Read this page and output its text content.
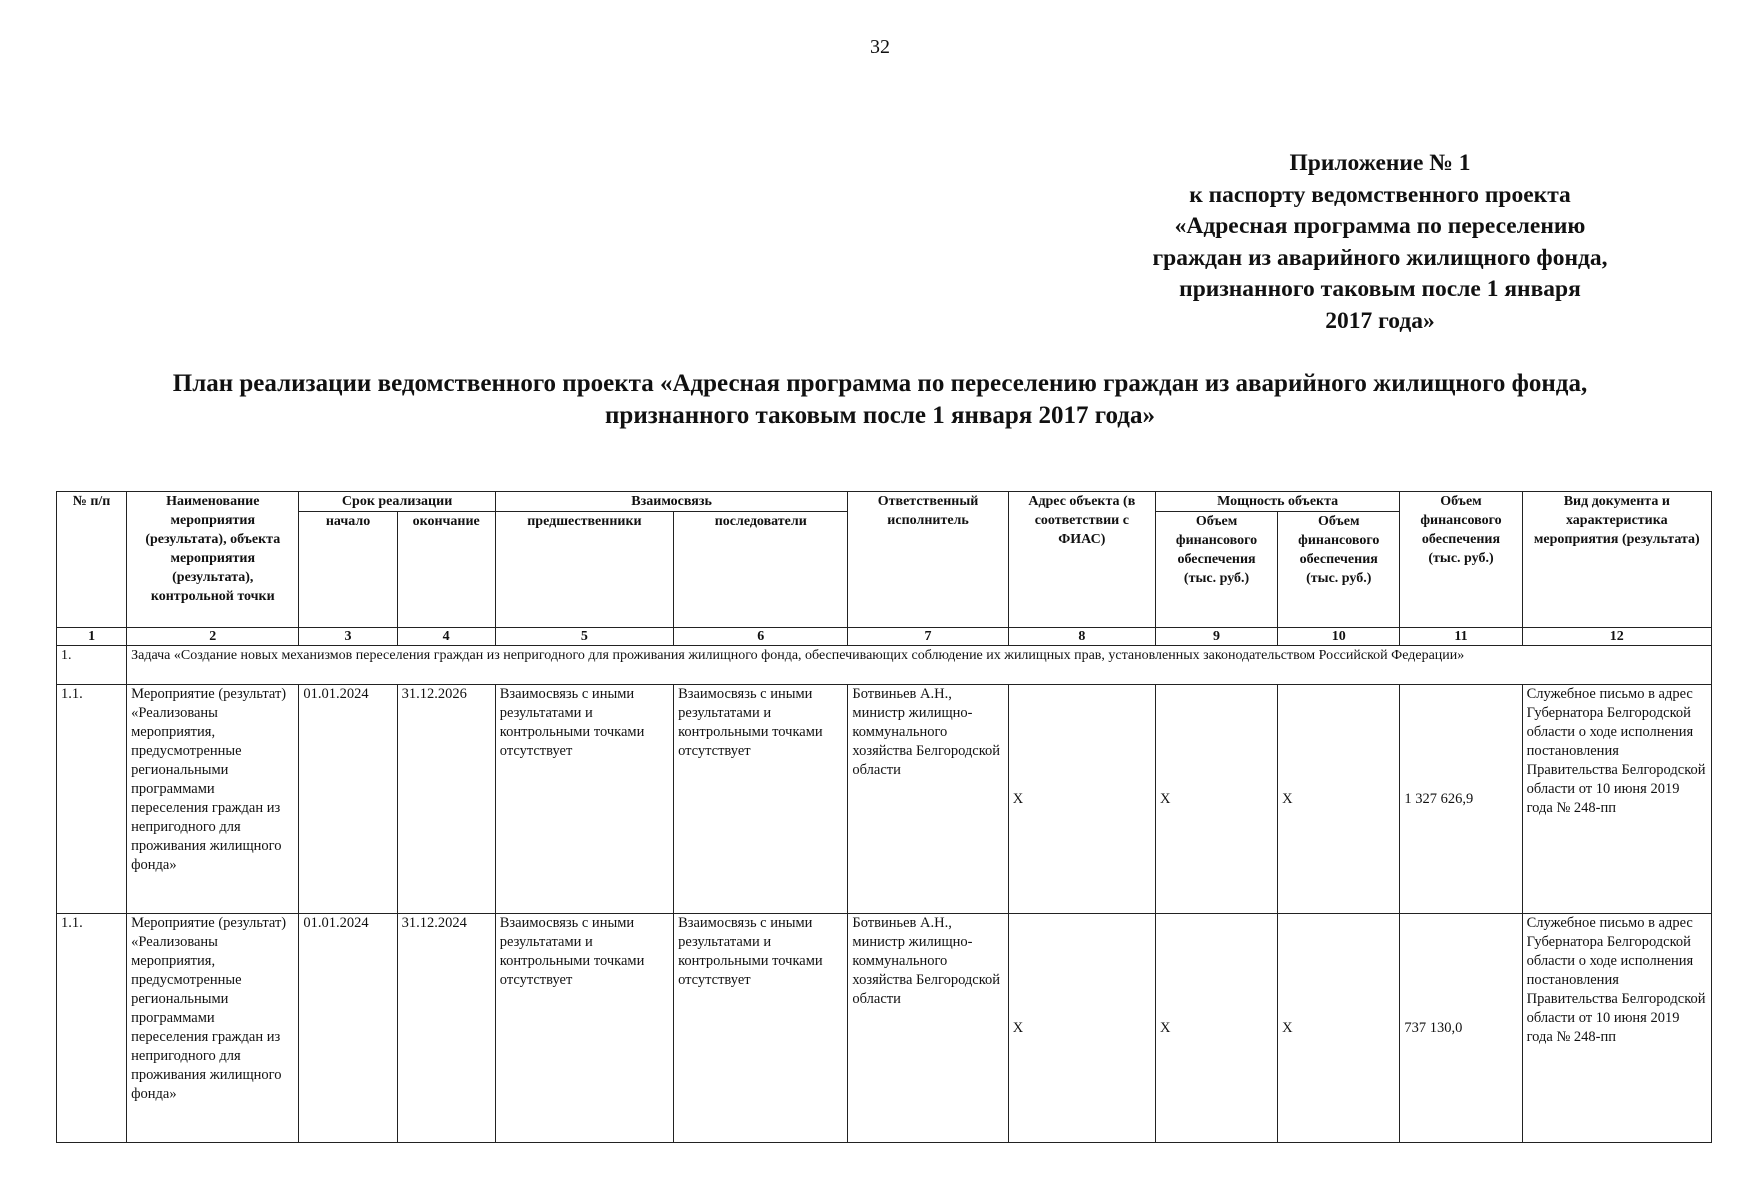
32
Приложение № 1
к паспорту ведомственного проекта
«Адресная программа по переселению
граждан из аварийного жилищного фонда,
признанного таковым после 1 января
2017 года»
План реализации ведомственного проекта «Адресная программа по переселению граждан из аварийного жилищного фонда,
признанного таковым после 1 января 2017 года»
№ п/п	Наименование мероприятия (результата), объекта мероприятия (результата), контрольной точки	Срок реализации		Взаимосвязь		Ответственный исполнитель	Адрес объекта (в соответствии с ФИАС)	Мощность объекта		Объем финансового обеспечения (тыс. руб.)	Вид документа и характеристика мероприятия (результата)
		начало	окончание	предшественники	последователи			Объем финансового обеспечения (тыс. руб.)	Объем финансового обеспечения (тыс. руб.)		
1	2	3	4	5	6	7	8	9	10	11	12
1.	Задача «Создание новых механизмов переселения граждан из непригодного для проживания жилищного фонда, обеспечивающих соблюдение их жилищных прав, установленных законодательством Российской Федерации»										
1.1.	Мероприятие (результат) «Реализованы мероприятия, предусмотренные региональными программами переселения граждан из непригодного для проживания жилищного фонда»	01.01.2024	31.12.2026	Взаимосвязь с иными результатами и контрольными точками отсутствует	Взаимосвязь с иными результатами и контрольными точками отсутствует	Ботвиньев А.Н., министр жилищно-коммунального хозяйства Белгородской области	X	X	X	1 327 626,9	Служебное письмо в адрес Губернатора Белгородской области о ходе исполнения постановления Правительства Белгородской области от 10 июня 2019 года № 248-пп
1.1.	Мероприятие (результат) «Реализованы мероприятия, предусмотренные региональными программами переселения граждан из непригодного для проживания жилищного фонда»	01.01.2024	31.12.2024	Взаимосвязь с иными результатами и контрольными точками отсутствует	Взаимосвязь с иными результатами и контрольными точками отсутствует	Ботвиньев А.Н., министр жилищно-коммунального хозяйства Белгородской области	X	X	X	737 130,0	Служебное письмо в адрес Губернатора Белгородской области о ходе исполнения постановления Правительства Белгородской области от 10 июня 2019 года № 248-пп
